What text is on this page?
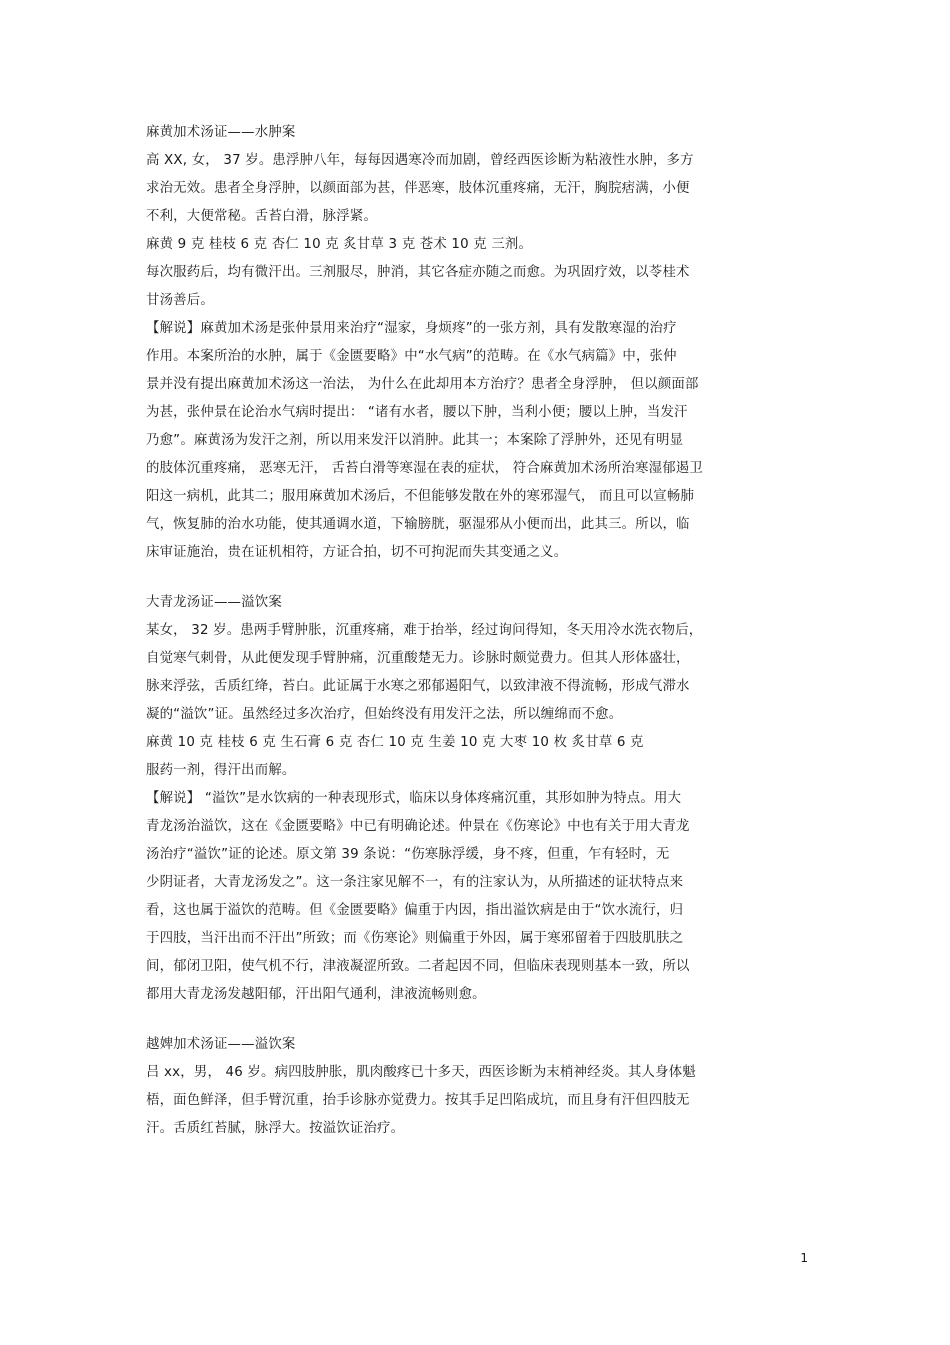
麻黄加术汤证——水肿案
高 XX, 女， 37 岁。患浮肿八年，每每因遇寒冷而加剧，曾经西医诊断为粘液性水肿，多方
求治无效。患者全身浮肿，以颜面部为甚，伴恶寒，肢体沉重疼痛，无汗，胸脘痞满，小便
不利，大便常秘。舌苔白滑，脉浮紧。
麻黄 9 克 桂枝 6 克 杏仁 10 克 炙甘草 3 克 苍术 10 克 三剂。
每次服药后，均有微汗出。三剂服尽，肿消，其它各症亦随之而愈。为巩固疗效，以苓桂术
甘汤善后。
【解说】麻黄加术汤是张仲景用来治疗“湿家，身烦疼”的一张方剂，具有发散寒湿的治疗
作用。本案所治的水肿，属于《金匮要略》中“水气病”的范畴。在《水气病篇》中，张仲
景并没有提出麻黄加术汤这一治法， 为什么在此却用本方治疗？患者全身浮肿， 但以颜面部
为甚，张仲景在论治水气病时提出： “诸有水者，腰以下肿，当利小便；腰以上肿，当发汗
乃愈”。麻黄汤为发汗之剂，所以用来发汗以消肿。此其一；本案除了浮肿外，还见有明显
的肢体沉重疼痛， 恶寒无汗， 舌苔白滑等寒湿在表的症状， 符合麻黄加术汤所治寒湿郁遏卫
阳这一病机，此其二；服用麻黄加术汤后，不但能够发散在外的寒邪湿气， 而且可以宣畅肺
气，恢复肺的治水功能，使其通调水道，下输膀胱，驱湿邪从小便而出，此其三。所以，临
床审证施治，贵在证机相符，方证合拍，切不可拘泥而失其变通之义。
大青龙汤证——溢饮案
某女， 32 岁。患两手臂肿胀，沉重疼痛，难于抬举，经过询问得知，冬天用冷水洗衣物后，
自觉寒气刺骨，从此便发现手臂肿痛，沉重酸楚无力。诊脉时颇觉费力。但其人形体盛壮，
脉来浮弦，舌质红绛，苔白。此证属于水寒之邪郁遏阳气，以致津液不得流畅，形成气滞水
凝的“溢饮”证。虽然经过多次治疗，但始终没有用发汗之法，所以缠绵而不愈。
麻黄 10 克 桂枝 6 克 生石膏 6 克 杏仁 10 克 生姜 10 克 大枣 10 枚 炙甘草 6 克
服药一剂，得汗出而解。
【解说】 “溢饮”是水饮病的一种表现形式，临床以身体疼痛沉重，其形如肿为特点。用大
青龙汤治溢饮，这在《金匮要略》中已有明确论述。仲景在《伤寒论》中也有关于用大青龙
汤治疗“溢饮”证的论述。原文第 39 条说：“伤寒脉浮缓，身不疼，但重，乍有轻时，无
少阴证者，大青龙汤发之”。这一条注家见解不一，有的注家认为，从所描述的证状特点来
看，这也属于溢饮的范畴。但《金匮要略》偏重于内因，指出溢饮病是由于“饮水流行，归
于四肢，当汗出而不汗出”所致；而《伤寒论》则偏重于外因，属于寒邪留着于四肢肌肤之
间，郁闭卫阳，使气机不行，津液凝涩所致。二者起因不同，但临床表现则基本一致，所以
都用大青龙汤发越阳郁，汗出阳气通利，津液流畅则愈。
越婢加术汤证——溢饮案
吕 xx，男， 46 岁。病四肢肿胀，肌肉酸疼已十多天，西医诊断为末梢神经炎。其人身体魁
梧，面色鲜泽，但手臂沉重，抬手诊脉亦觉费力。按其手足凹陷成坑，而且身有汗但四肢无
汗。舌质红苔腻，脉浮大。按溢饮证治疗。
1
